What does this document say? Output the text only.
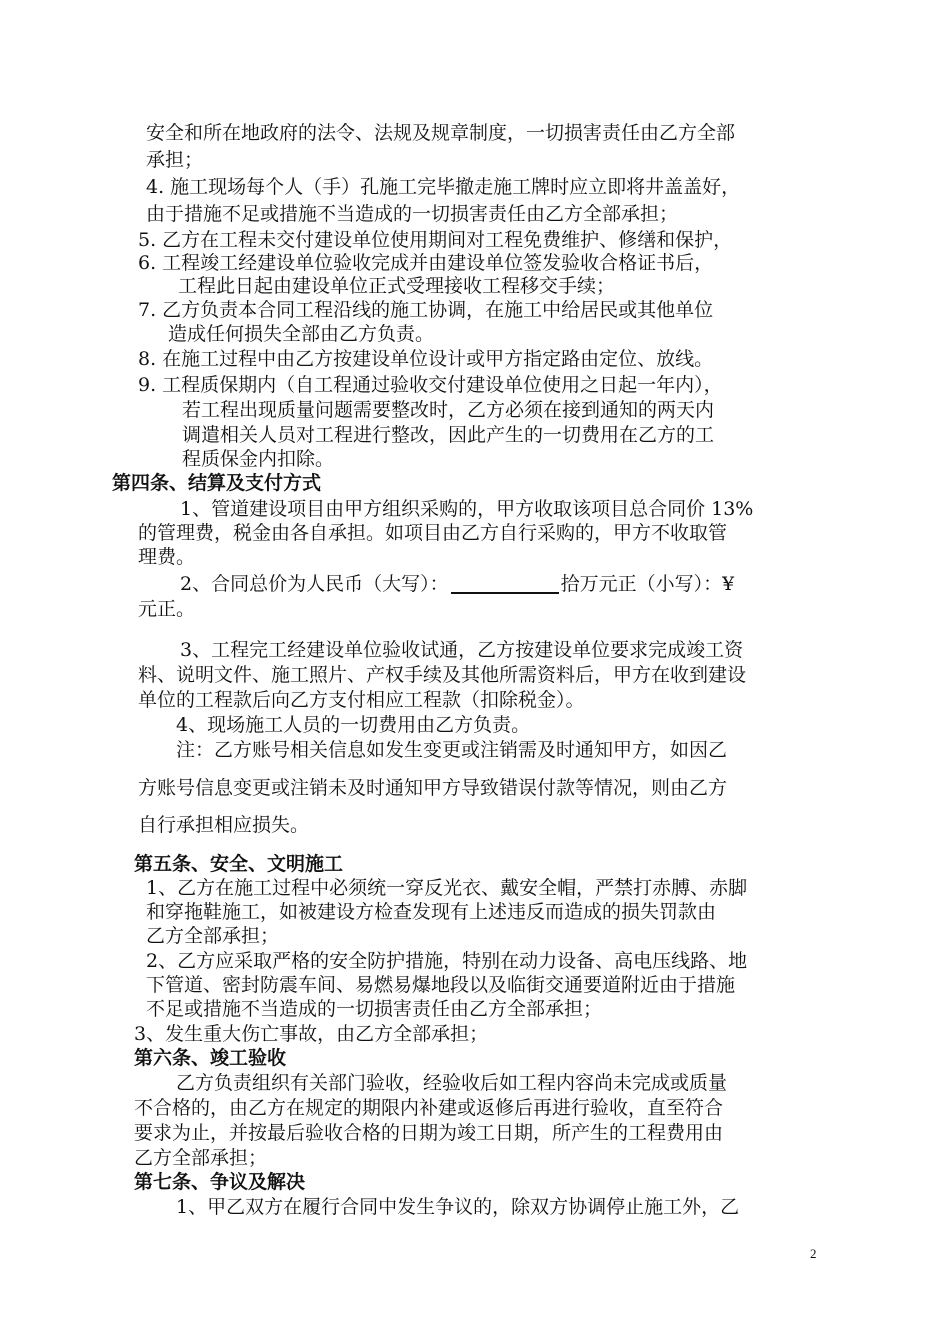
安全和所在地政府的法令、法规及规章制度，一切损害责任由乙方全部
承担；
4. 施工现场每个人（手）孔施工完毕撤走施工牌时应立即将井盖盖好，
由于措施不足或措施不当造成的一切损害责任由乙方全部承担；
5. 乙方在工程未交付建设单位使用期间对工程免费维护、修缮和保护，
6. 工程竣工经建设单位验收完成并由建设单位签发验收合格证书后，
工程此日起由建设单位正式受理接收工程移交手续；
7. 乙方负责本合同工程沿线的施工协调，在施工中给居民或其他单位
造成任何损失全部由乙方负责。
8. 在施工过程中由乙方按建设单位设计或甲方指定路由定位、放线。
9. 工程质保期内（自工程通过验收交付建设单位使用之日起一年内），
若工程出现质量问题需要整改时，乙方必须在接到通知的两天内
调遣相关人员对工程进行整改，因此产生的一切费用在乙方的工
程质保金内扣除。
第四条、结算及支付方式
1、管道建设项目由甲方组织采购的，甲方收取该项目总合同价 13%
的管理费，税金由各自承担。如项目由乙方自行采购的，甲方不收取管
理费。
2、合同总价为人民币（大写）：	拾万元正（小写）：¥
元正。
3、工程完工经建设单位验收试通，乙方按建设单位要求完成竣工资
料、说明文件、施工照片、产权手续及其他所需资料后，甲方在收到建设
单位的工程款后向乙方支付相应工程款（扣除税金）。
4、现场施工人员的一切费用由乙方负责。
注：乙方账号相关信息如发生变更或注销需及时通知甲方，如因乙
方账号信息变更或注销未及时通知甲方导致错误付款等情况，则由乙方
自行承担相应损失。
第五条、安全、文明施工
1、乙方在施工过程中必须统一穿反光衣、戴安全帽，严禁打赤膊、赤脚
和穿拖鞋施工，如被建设方检查发现有上述违反而造成的损失罚款由
乙方全部承担；
2、乙方应采取严格的安全防护措施，特别在动力设备、高电压线路、地
下管道、密封防震车间、易燃易爆地段以及临街交通要道附近由于措施
不足或措施不当造成的一切损害责任由乙方全部承担；
3、发生重大伤亡事故，由乙方全部承担；
第六条、竣工验收
乙方负责组织有关部门验收，经验收后如工程内容尚未完成或质量
不合格的，由乙方在规定的期限内补建或返修后再进行验收，直至符合
要求为止，并按最后验收合格的日期为竣工日期，所产生的工程费用由
乙方全部承担；
第七条、争议及解决
1、甲乙双方在履行合同中发生争议的，除双方协调停止施工外，乙
2
